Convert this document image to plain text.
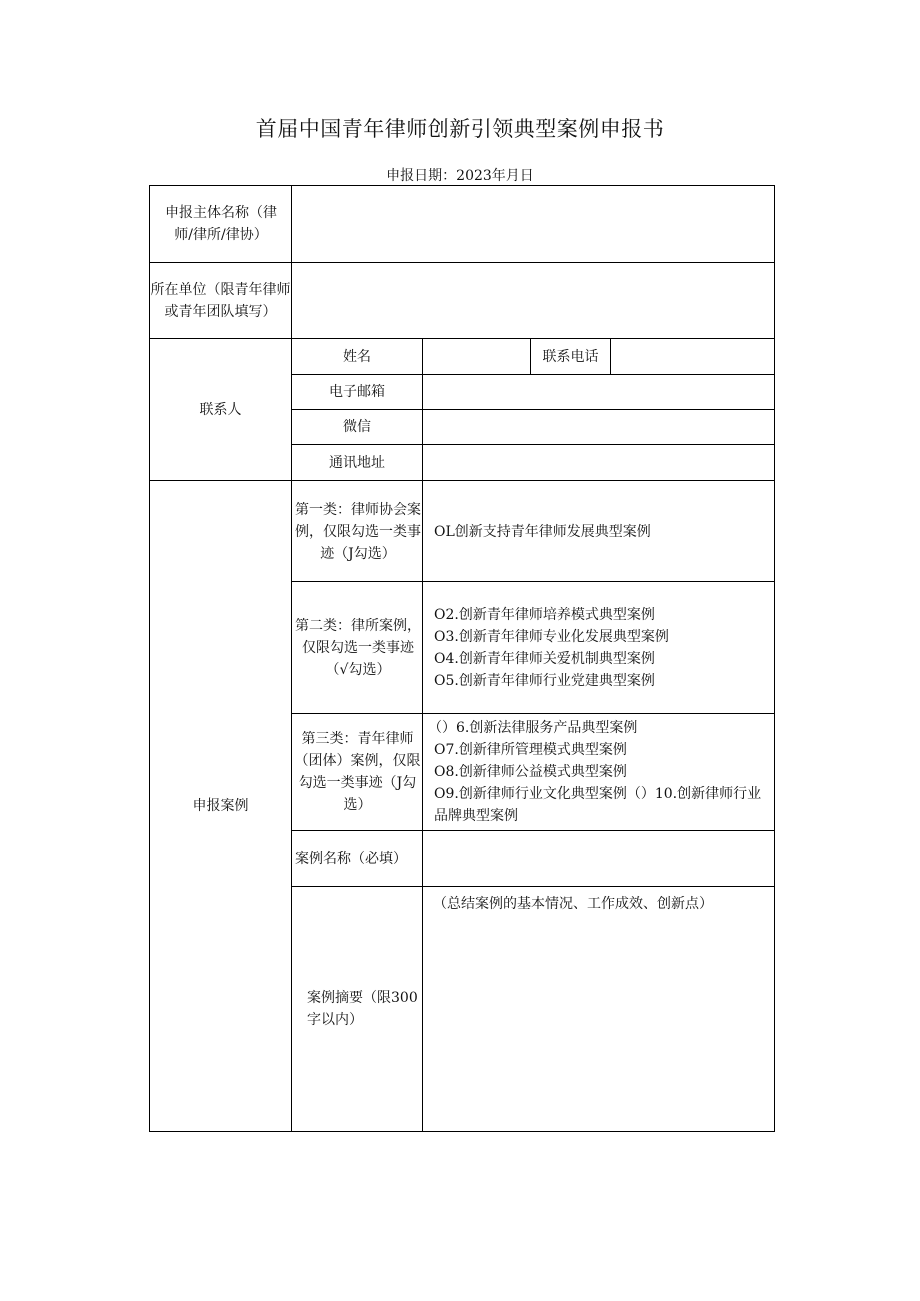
首届中国青年律师创新引领典型案例申报书
申报日期：2023年月日
申报主体名称（律师/律所/律协）
所在单位（限青年律师或青年团队填写）
联系人
姓名	联系电话
电子邮箱
微信
通讯地址
申报案例
第一类：律师协会案例，仅限勾选一类事迹（J勾选）
OL创新支持青年律师发展典型案例
第二类：律所案例，仅限勾选一类事迹（√勾选）
O2.创新青年律师培养模式典型案例
O3.创新青年律师专业化发展典型案例
O4.创新青年律师关爱机制典型案例
O5.创新青年律师行业党建典型案例
第三类：青年律师（团体）案例，仅限勾选一类事迹（J勾选）
（）6.创新法律服务产品典型案例
O7.创新律所管理模式典型案例
O8.创新律师公益模式典型案例
O9.创新律师行业文化典型案例（）10.创新律师行业品牌典型案例
案例名称（必填）
案例摘要（限300字以内）
（总结案例的基本情况、工作成效、创新点）
